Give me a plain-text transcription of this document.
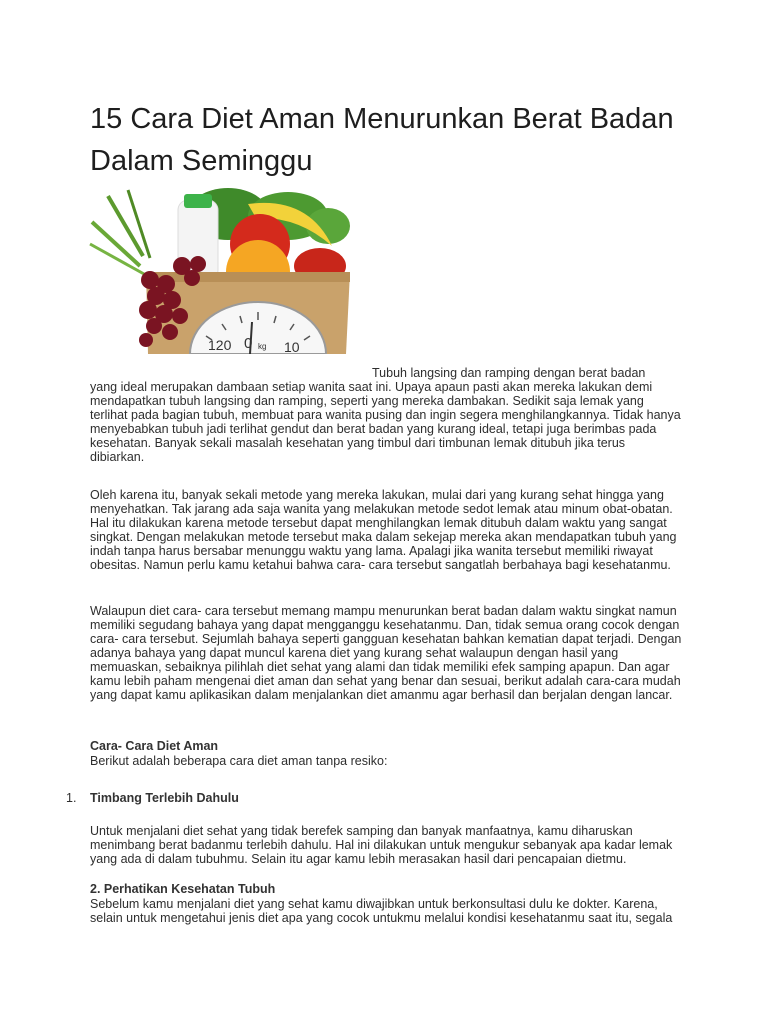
15 Cara Diet Aman Menurunkan Berat Badan Dalam Seminggu
120 0 kg 10
Tubuh langsing dan ramping dengan berat badan

yang ideal merupakan dambaan setiap wanita saat ini. Upaya apaun pasti akan mereka lakukan demi mendapatkan tubuh langsing dan ramping, seperti yang mereka dambakan. Sedikit saja lemak yang terlihat pada bagian tubuh, membuat para wanita pusing dan ingin segera menghilangkannya. Tidak hanya menyebabkan tubuh jadi terlihat gendut dan berat badan yang kurang ideal, tetapi juga berimbas pada kesehatan. Banyak sekali masalah kesehatan yang timbul dari timbunan lemak ditubuh jika terus dibiarkan.

Oleh karena itu, banyak sekali metode yang mereka lakukan, mulai dari yang kurang sehat hingga yang menyehatkan. Tak jarang ada saja wanita yang melakukan metode sedot lemak atau minum obat-obatan. Hal itu dilakukan karena metode tersebut dapat menghilangkan lemak ditubuh dalam waktu yang sangat singkat. Dengan melakukan metode tersebut maka dalam sekejap mereka akan mendapatkan tubuh yang indah tanpa harus bersabar menunggu waktu yang lama. Apalagi jika wanita tersebut memiliki riwayat obesitas. Namun perlu kamu ketahui bahwa cara- cara tersebut sangatlah berbahaya bagi kesehatanmu.

Walaupun diet cara- cara tersebut memang mampu menurunkan berat badan dalam waktu singkat namun memiliki segudang bahaya yang dapat mengganggu kesehatanmu. Dan, tidak semua orang cocok dengan cara- cara tersebut. Sejumlah bahaya seperti gangguan kesehatan bahkan kematian dapat terjadi. Dengan adanya bahaya yang dapat muncul karena diet yang kurang sehat walaupun dengan hasil yang memuaskan, sebaiknya pilihlah diet sehat yang alami dan tidak memiliki efek samping apapun. Dan agar kamu lebih paham mengenai diet aman dan sehat yang benar dan sesuai, berikut adalah cara-cara mudah yang dapat kamu aplikasikan dalam menjalankan diet amanmu agar berhasil dan berjalan dengan lancar.

Cara- Cara Diet Aman

Berikut adalah beberapa cara diet aman tanpa resiko:

1. Timbang Terlebih Dahulu

Untuk menjalani diet sehat yang tidak berefek samping dan banyak manfaatnya, kamu diharuskan menimbang berat badanmu terlebih dahulu. Hal ini dilakukan untuk mengukur sebanyak apa kadar lemak yang ada di dalam tubuhmu. Selain itu agar kamu lebih merasakan hasil dari pencapaian dietmu.

2. Perhatikan Kesehatan Tubuh

Sebelum kamu menjalani diet yang sehat kamu diwajibkan untuk berkonsultasi dulu ke dokter. Karena, selain untuk mengetahui jenis diet apa yang cocok untukmu melalui kondisi kesehatanmu saat itu, segala
